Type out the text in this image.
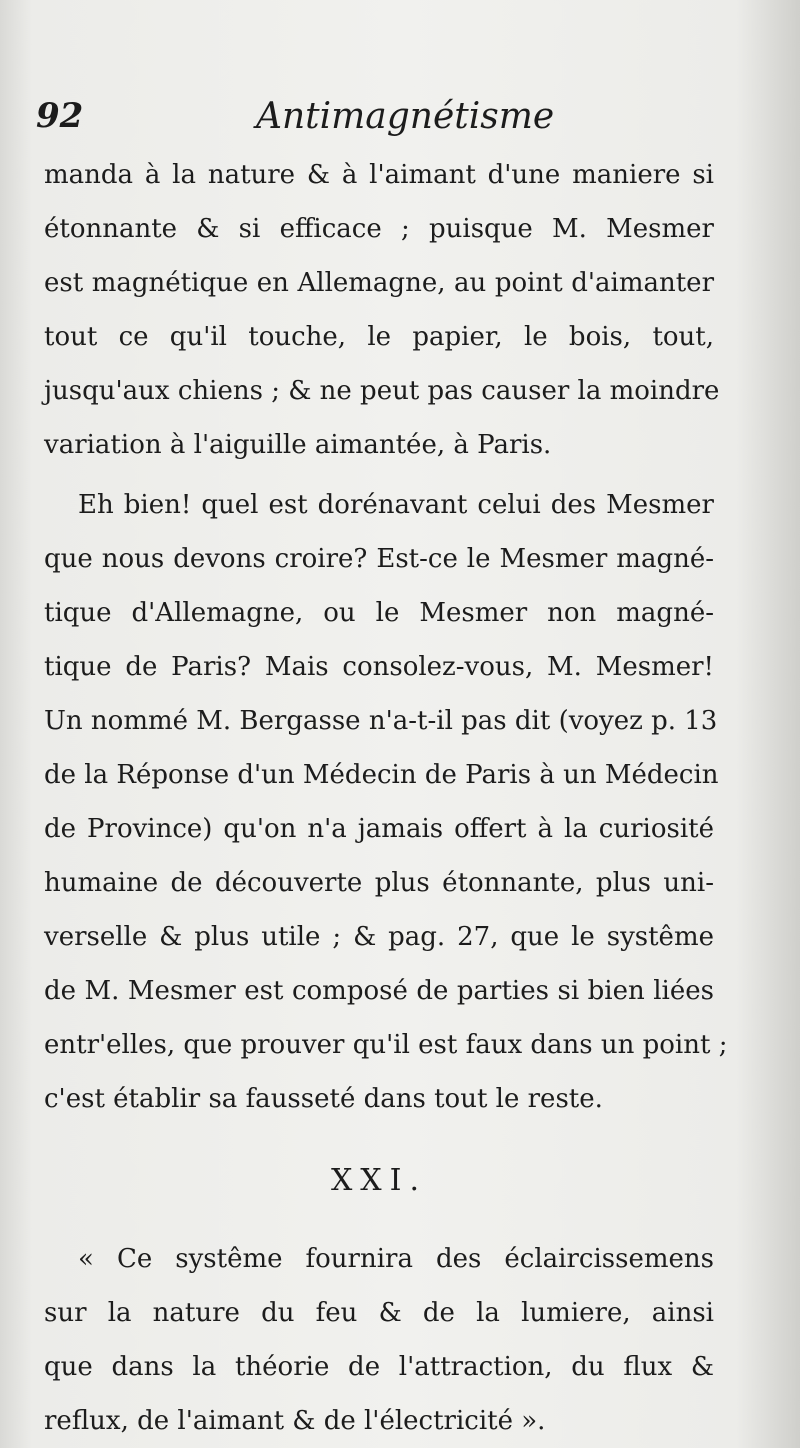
92	Antimagnétisme
manda à la nature & à l'aimant d'une maniere si
étonnante & si efficace ; puisque M. Mesmer
est magnétique en Allemagne, au point d'aimanter
tout ce qu'il touche, le papier, le bois, tout,
jusqu'aux chiens ; & ne peut pas causer la moindre
variation à l'aiguille aimantée, à Paris.
Eh bien! quel est dorénavant celui des Mesmer
que nous devons croire? Est-ce le Mesmer magné-
tique d'Allemagne, ou le Mesmer non magné-
tique de Paris? Mais consolez-vous, M. Mesmer!
Un nommé M. Bergasse n'a-t-il pas dit (voyez p. 13
de la Réponse d'un Médecin de Paris à un Médecin
de Province) qu'on n'a jamais offert à la curiosité
humaine de découverte plus étonnante, plus uni-
verselle & plus utile ; & pag. 27, que le systême
de M. Mesmer est composé de parties si bien liées
entr'elles, que prouver qu'il est faux dans un point ;
c'est établir sa fausseté dans tout le reste.
XXI.
« Ce systême fournira des éclaircissemens
sur la nature du feu & de la lumiere, ainsi
que dans la théorie de l'attraction, du flux &
reflux, de l'aimant & de l'électricité ».
